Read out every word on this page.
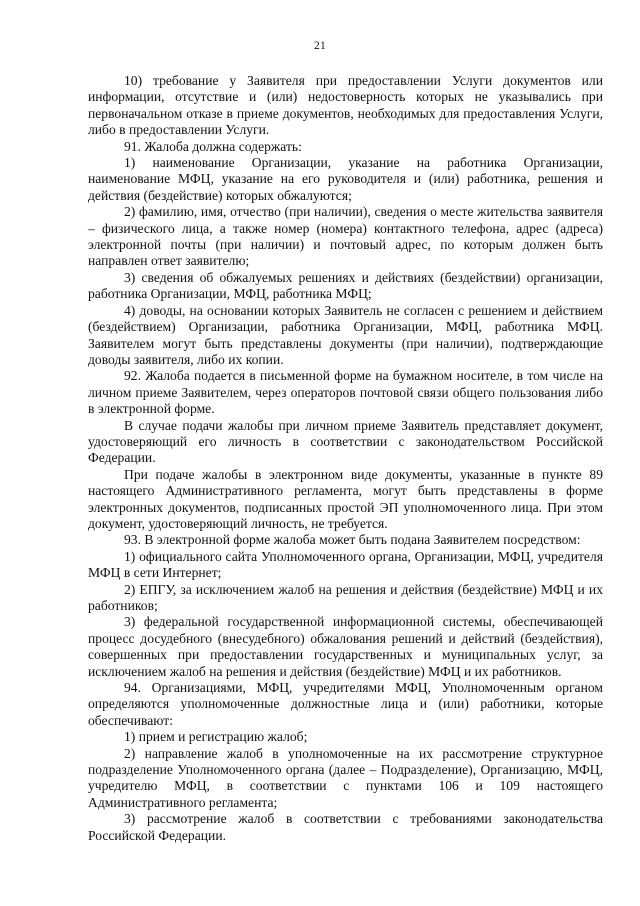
21

10) требование у Заявителя при предоставлении Услуги документов или информации, отсутствие и (или) недостоверность которых не указывались при первоначальном отказе в приеме документов, необходимых для предоставления Услуги, либо в предоставлении Услуги.

91. Жалоба должна содержать:

1) наименование Организации, указание на работника Организации, наименование МФЦ, указание на его руководителя и (или) работника, решения и действия (бездействие) которых обжалуются;

2) фамилию, имя, отчество (при наличии), сведения о месте жительства заявителя – физического лица, а также номер (номера) контактного телефона, адрес (адреса) электронной почты (при наличии) и почтовый адрес, по которым должен быть направлен ответ заявителю;

3) сведения об обжалуемых решениях и действиях (бездействии) организации, работника Организации, МФЦ, работника МФЦ;

4) доводы, на основании которых Заявитель не согласен с решением и действием (бездействием) Организации, работника Организации, МФЦ, работника МФЦ. Заявителем могут быть представлены документы (при наличии), подтверждающие доводы заявителя, либо их копии.

92. Жалоба подается в письменной форме на бумажном носителе, в том числе на личном приеме Заявителем, через операторов почтовой связи общего пользования либо в электронной форме.

В случае подачи жалобы при личном приеме Заявитель представляет документ, удостоверяющий его личность в соответствии с законодательством Российской Федерации.

При подаче жалобы в электронном виде документы, указанные в пункте 89 настоящего Административного регламента, могут быть представлены в форме электронных документов, подписанных простой ЭП уполномоченного лица. При этом документ, удостоверяющий личность, не требуется.

93. В электронной форме жалоба может быть подана Заявителем посредством:

1) официального сайта Уполномоченного органа, Организации, МФЦ, учредителя МФЦ в сети Интернет;

2) ЕПГУ, за исключением жалоб на решения и действия (бездействие) МФЦ и их работников;

3) федеральной государственной информационной системы, обеспечивающей процесс досудебного (внесудебного) обжалования решений и действий (бездействия), совершенных при предоставлении государственных и муниципальных услуг, за исключением жалоб на решения и действия (бездействие) МФЦ и их работников.

94. Организациями, МФЦ, учредителями МФЦ, Уполномоченным органом определяются уполномоченные должностные лица и (или) работники, которые обеспечивают:

1) прием и регистрацию жалоб;

2) направление жалоб в уполномоченные на их рассмотрение структурное подразделение Уполномоченного органа (далее – Подразделение), Организацию, МФЦ, учредителю МФЦ, в соответствии с пунктами 106 и 109 настоящего Административного регламента;

3) рассмотрение жалоб в соответствии с требованиями законодательства Российской Федерации.
